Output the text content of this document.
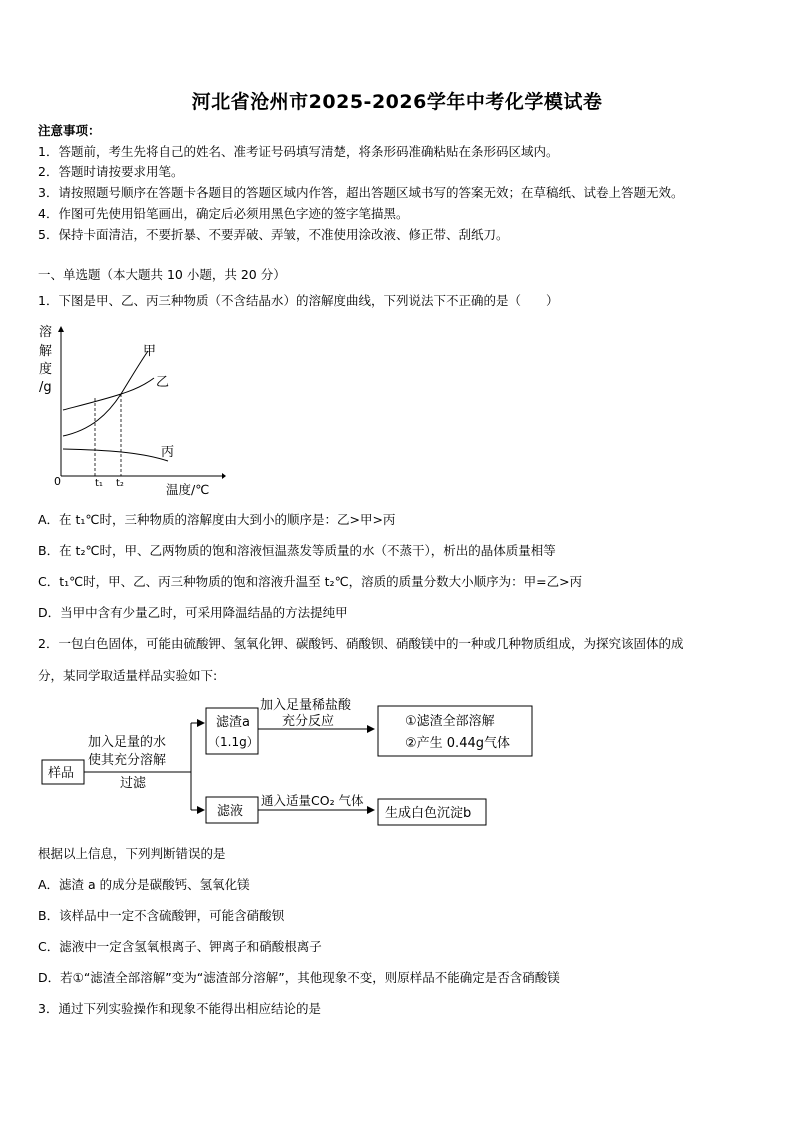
河北省沧州市2025-2026学年中考化学模试卷
注意事项：
1．答题前，考生先将自己的姓名、准考证号码填写清楚，将条形码准确粘贴在条形码区域内。
2．答题时请按要求用笔。
3．请按照题号顺序在答题卡各题目的答题区域内作答，超出答题区域书写的答案无效；在草稿纸、试卷上答题无效。
4．作图可先使用铅笔画出，确定后必须用黑色字迹的签字笔描黑。
5．保持卡面清洁，不要折暴、不要弄破、弄皱，不准使用涂改液、修正带、刮纸刀。
一、单选题（本大题共 10 小题，共 20 分）
1．下图是甲、乙、丙三种物质（不含结晶水）的溶解度曲线，下列说法下不正确的是（　　）
溶
解
度
/g
0	t₁ t₂	温度/℃
甲
乙
丙
A．在 t₁℃时，三种物质的溶解度由大到小的顺序是：乙>甲>丙
B．在 t₂℃时，甲、乙两物质的饱和溶液恒温蒸发等质量的水（不蒸干），析出的晶体质量相等
C．t₁℃时，甲、乙、丙三种物质的饱和溶液升温至 t₂℃，溶质的质量分数大小顺序为：甲=乙>丙
D．当甲中含有少量乙时，可采用降温结晶的方法提纯甲
2．一包白色固体，可能由硫酸钾、氢氧化钾、碳酸钙、硝酸钡、硝酸镁中的一种或几种物质组成，为探究该固体的成
分，某同学取适量样品实验如下:
样品
加入足量的水
使其充分溶解
过滤
滤渣a
（1.1g）
加入足量稀盐酸
充分反应	①滤渣全部溶解
②产生 0.44g气体
滤液
通入适量CO₂ 气体
生成白色沉淀b
根据以上信息，下列判断错误的是
A．滤渣 a 的成分是碳酸钙、氢氧化镁
B．该样品中一定不含硫酸钾，可能含硝酸钡
C．滤液中一定含氢氧根离子、钾离子和硝酸根离子
D．若①“滤渣全部溶解”变为“滤渣部分溶解”，其他现象不变，则原样品不能确定是否含硝酸镁
3．通过下列实验操作和现象不能得出相应结论的是
